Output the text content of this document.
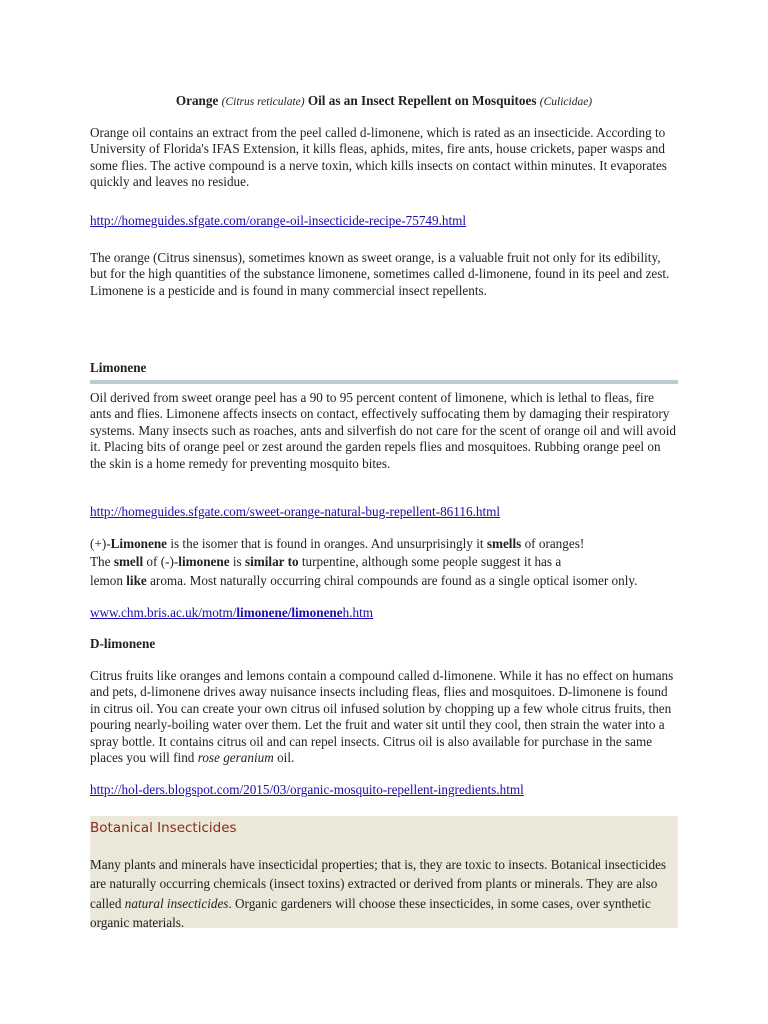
Orange (Citrus reticulate) Oil as an Insect Repellent on Mosquitoes (Culicidae)

Orange oil contains an extract from the peel called d-limonene, which is rated as an insecticide. According to University of Florida's IFAS Extension, it kills fleas, aphids, mites, fire ants, house crickets, paper wasps and some flies. The active compound is a nerve toxin, which kills insects on contact within minutes. It evaporates quickly and leaves no residue.

http://homeguides.sfgate.com/orange-oil-insecticide-recipe-75749.html

The orange (Citrus sinensus), sometimes known as sweet orange, is a valuable fruit not only for its edibility, but for the high quantities of the substance limonene, sometimes called d-limonene, found in its peel and zest. Limonene is a pesticide and is found in many commercial insect repellents.

Limonene

Oil derived from sweet orange peel has a 90 to 95 percent content of limonene, which is lethal to fleas, fire ants and flies. Limonene affects insects on contact, effectively suffocating them by damaging their respiratory systems. Many insects such as roaches, ants and silverfish do not care for the scent of orange oil and will avoid it. Placing bits of orange peel or zest around the garden repels flies and mosquitoes. Rubbing orange peel on the skin is a home remedy for preventing mosquito bites.

http://homeguides.sfgate.com/sweet-orange-natural-bug-repellent-86116.html

(+)-Limonene is the isomer that is found in oranges. And unsurprisingly it smells of oranges!

The smell of (-)-limonene is similar to turpentine, although some people suggest it has a

lemon like aroma. Most naturally occurring chiral compounds are found as a single optical isomer only.

www.chm.bris.ac.uk/motm/limonene/limoneneh.htm

D-limonene

Citrus fruits like oranges and lemons contain a compound called d-limonene. While it has no effect on humans and pets, d-limonene drives away nuisance insects including fleas, flies and mosquitoes. D-limonene is found in citrus oil. You can create your own citrus oil infused solution by chopping up a few whole citrus fruits, then pouring nearly-boiling water over them. Let the fruit and water sit until they cool, then strain the water into a spray bottle. It contains citrus oil and can repel insects. Citrus oil is also available for purchase in the same places you will find rose geranium oil.

http://hol-ders.blogspot.com/2015/03/organic-mosquito-repellent-ingredients.html

Botanical Insecticides

Many plants and minerals have insecticidal properties; that is, they are toxic to insects. Botanical insecticides are naturally occurring chemicals (insect toxins) extracted or derived from plants or minerals. They are also called natural insecticides. Organic gardeners will choose these insecticides, in some cases, over synthetic organic materials.
